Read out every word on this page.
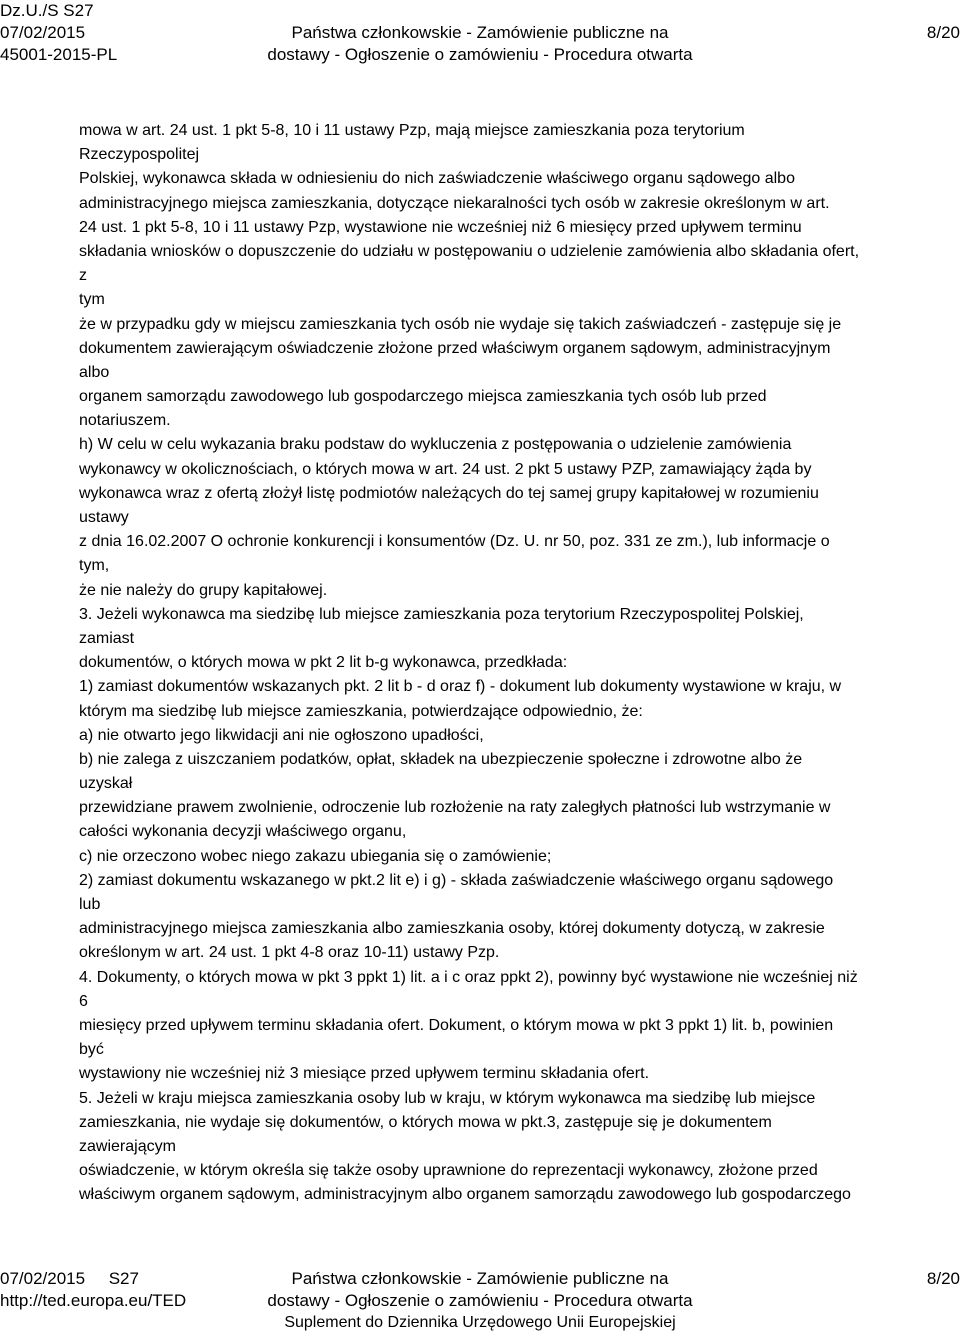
Dz.U./S S27
07/02/2015
45001-2015-PL
Państwa członkowskie - Zamówienie publiczne na
dostawy - Ogłoszenie o zamówieniu - Procedura otwarta
8/20
mowa w art. 24 ust. 1 pkt 5-8, 10 i 11 ustawy Pzp, mają miejsce zamieszkania poza terytorium
Rzeczypospolitej
Polskiej, wykonawca składa w odniesieniu do nich zaświadczenie właściwego organu sądowego albo
administracyjnego miejsca zamieszkania, dotyczące niekaralności tych osób w zakresie określonym w art.
24 ust. 1 pkt 5-8, 10 i 11 ustawy Pzp, wystawione nie wcześniej niż 6 miesięcy przed upływem terminu
składania wniosków o dopuszczenie do udziału w postępowaniu o udzielenie zamówienia albo składania ofert,
z
tym
że w przypadku gdy w miejscu zamieszkania tych osób nie wydaje się takich zaświadczeń - zastępuje się je
dokumentem zawierającym oświadczenie złożone przed właściwym organem sądowym, administracyjnym
albo
organem samorządu zawodowego lub gospodarczego miejsca zamieszkania tych osób lub przed
notariuszem.
h) W celu w celu wykazania braku podstaw do wykluczenia z postępowania o udzielenie zamówienia
wykonawcy w okolicznościach, o których mowa w art. 24 ust. 2 pkt 5 ustawy PZP, zamawiający żąda by
wykonawca wraz z ofertą złożył listę podmiotów należących do tej samej grupy kapitałowej w rozumieniu
ustawy
z dnia 16.02.2007 O ochronie konkurencji i konsumentów (Dz. U. nr 50, poz. 331 ze zm.), lub informacje o
tym,
że nie należy do grupy kapitałowej.
3. Jeżeli wykonawca ma siedzibę lub miejsce zamieszkania poza terytorium Rzeczypospolitej Polskiej,
zamiast
dokumentów, o których mowa w pkt 2 lit b-g wykonawca, przedkłada:
1) zamiast dokumentów wskazanych pkt. 2 lit b - d oraz f) - dokument lub dokumenty wystawione w kraju, w
którym ma siedzibę lub miejsce zamieszkania, potwierdzające odpowiednio, że:
a) nie otwarto jego likwidacji ani nie ogłoszono upadłości,
b) nie zalega z uiszczaniem podatków, opłat, składek na ubezpieczenie społeczne i zdrowotne albo że
uzyskał
przewidziane prawem zwolnienie, odroczenie lub rozłożenie na raty zaległych płatności lub wstrzymanie w
całości wykonania decyzji właściwego organu,
c) nie orzeczono wobec niego zakazu ubiegania się o zamówienie;
2) zamiast dokumentu wskazanego w pkt.2 lit e) i g) - składa zaświadczenie właściwego organu sądowego
lub
administracyjnego miejsca zamieszkania albo zamieszkania osoby, której dokumenty dotyczą, w zakresie
określonym w art. 24 ust. 1 pkt 4-8 oraz 10-11) ustawy Pzp.
4. Dokumenty, o których mowa w pkt 3 ppkt 1) lit. a i c oraz ppkt 2), powinny być wystawione nie wcześniej niż
6
miesięcy przed upływem terminu składania ofert. Dokument, o którym mowa w pkt 3 ppkt 1) lit. b, powinien
być
wystawiony nie wcześniej niż 3 miesiące przed upływem terminu składania ofert.
5. Jeżeli w kraju miejsca zamieszkania osoby lub w kraju, w którym wykonawca ma siedzibę lub miejsce
zamieszkania, nie wydaje się dokumentów, o których mowa w pkt.3, zastępuje się je dokumentem
zawierającym
oświadczenie, w którym określa się także osoby uprawnione do reprezentacji wykonawcy, złożone przed
właściwym organem sądowym, administracyjnym albo organem samorządu zawodowego lub gospodarczego
07/02/2015     S27
http://ted.europa.eu/TED
Państwa członkowskie - Zamówienie publiczne na
dostawy - Ogłoszenie o zamówieniu - Procedura otwarta
Suplement do Dziennika Urzędowego Unii Europejskiej
8/20
